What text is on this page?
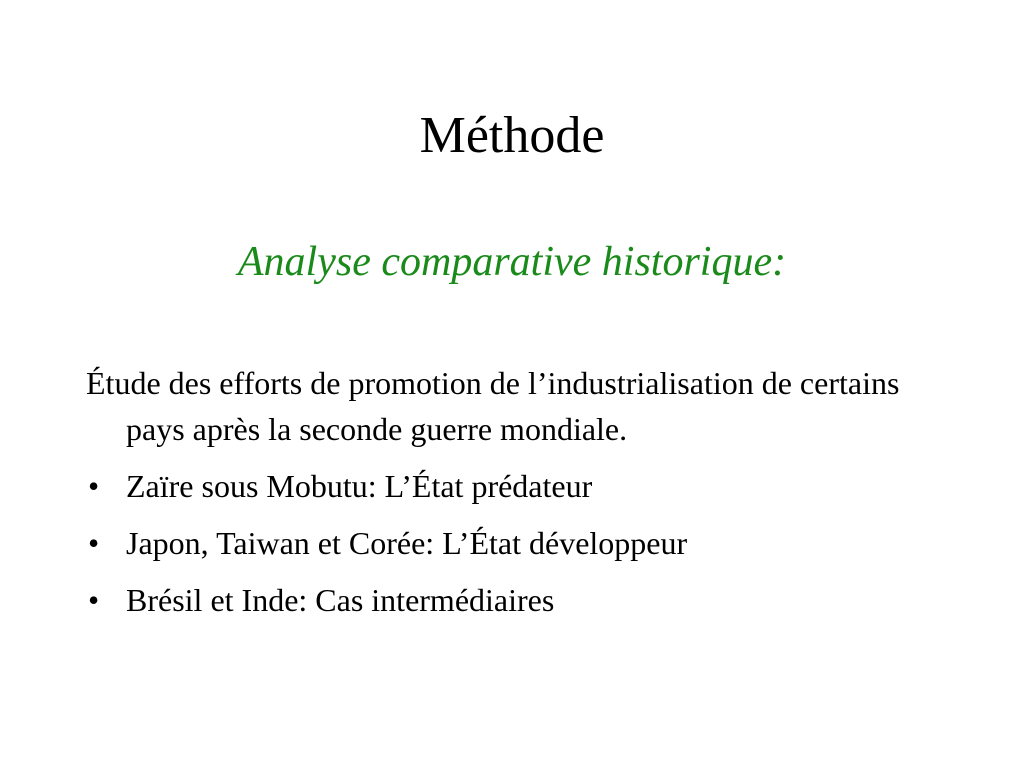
Méthode
Analyse comparative historique:

Étude des efforts de promotion de l’industrialisation de certains pays après la seconde guerre mondiale.

• Zaïre sous Mobutu: L’État prédateur
• Japon, Taiwan et Corée: L’État développeur
• Brésil et Inde: Cas intermédiaires
